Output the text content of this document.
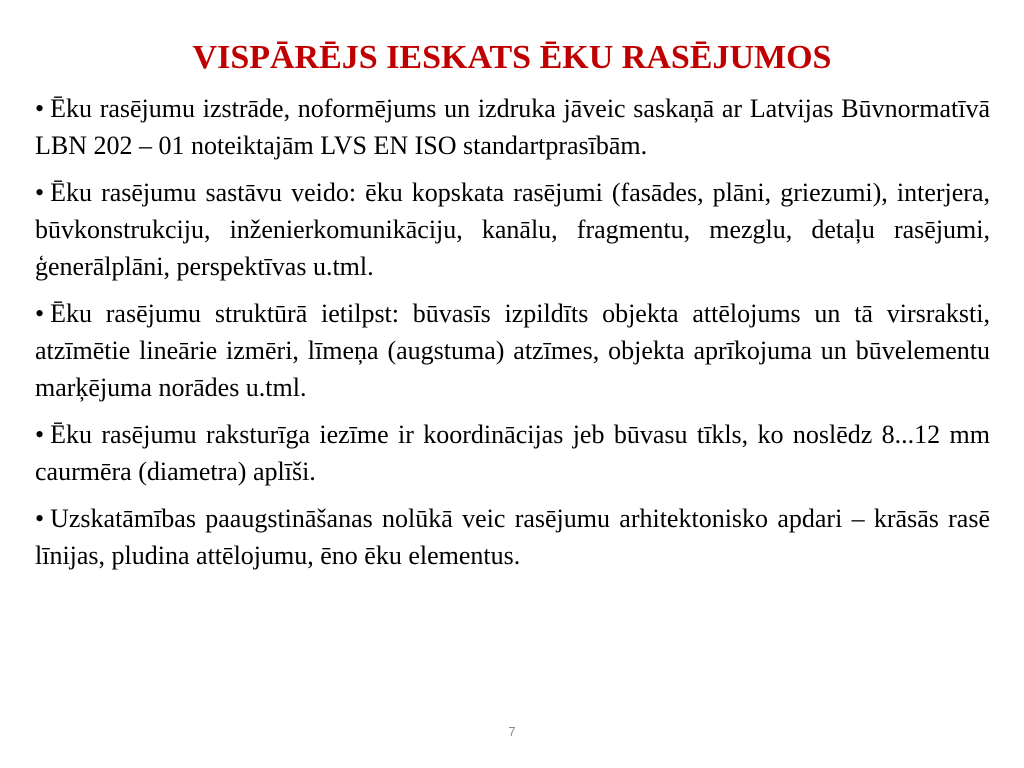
VISPĀRĒJS IESKATS ĒKU RASĒJUMOS
• Ēku rasējumu izstrāde, noformējums un izdruka jāveic saskaņā ar Latvijas Būvnormatīvā LBN 202 – 01 noteiktajām LVS EN ISO standartprasībām.
• Ēku rasējumu sastāvu veido: ēku kopskata rasējumi (fasādes, plāni, griezumi), interjera, būvkonstrukciju, inženierkomunikāciju, kanālu, fragmentu, mezglu, detaļu rasējumi, ģenerālplāni, perspektīvas u.tml.
• Ēku rasējumu struktūrā ietilpst: būvasīs izpildīts objekta attēlojums un tā virsraksti, atzīmētie lineārie izmēri, līmeņa (augstuma) atzīmes, objekta aprīkojuma un būvelementu marķējuma norādes u.tml.
• Ēku rasējumu raksturīga iezīme ir koordinācijas jeb būvasu tīkls, ko noslēdz 8...12 mm caurmēra (diametra) aplīši.
• Uzskatāmības paaugstināšanas nolūkā veic rasējumu arhitektonisko apdari – krāsās rasē līnijas, pludina attēlojumu, ēno ēku elementus.
7
